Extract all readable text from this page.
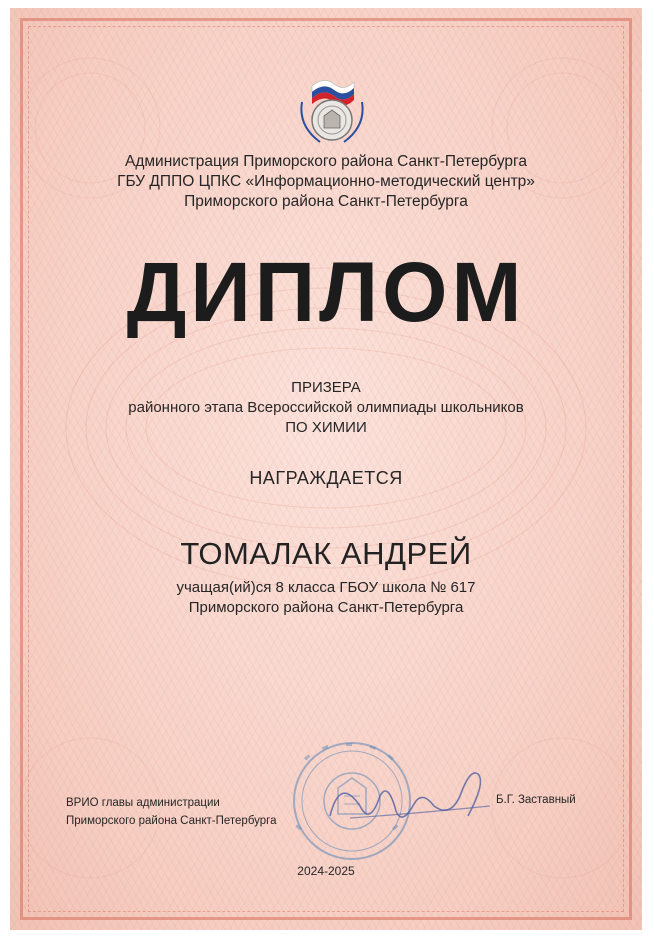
Администрация Приморского района Санкт-Петербурга
ГБУ ДППО ЦПКС «Информационно-методический центр»
Приморского района Санкт-Петербурга
ДИПЛОМ
ПРИЗЕРА
районного этапа Всероссийской олимпиады школьников
ПО ХИМИИ
НАГРАЖДАЕТСЯ
ТОМАЛАК АНДРЕЙ
учащая(ий)ся 8 класса ГБОУ школа № 617
Приморского района Санкт-Петербурга
ВРИО главы администрации
Приморского района Санкт-Петербурга
Б.Г. Заставный
2024-2025
